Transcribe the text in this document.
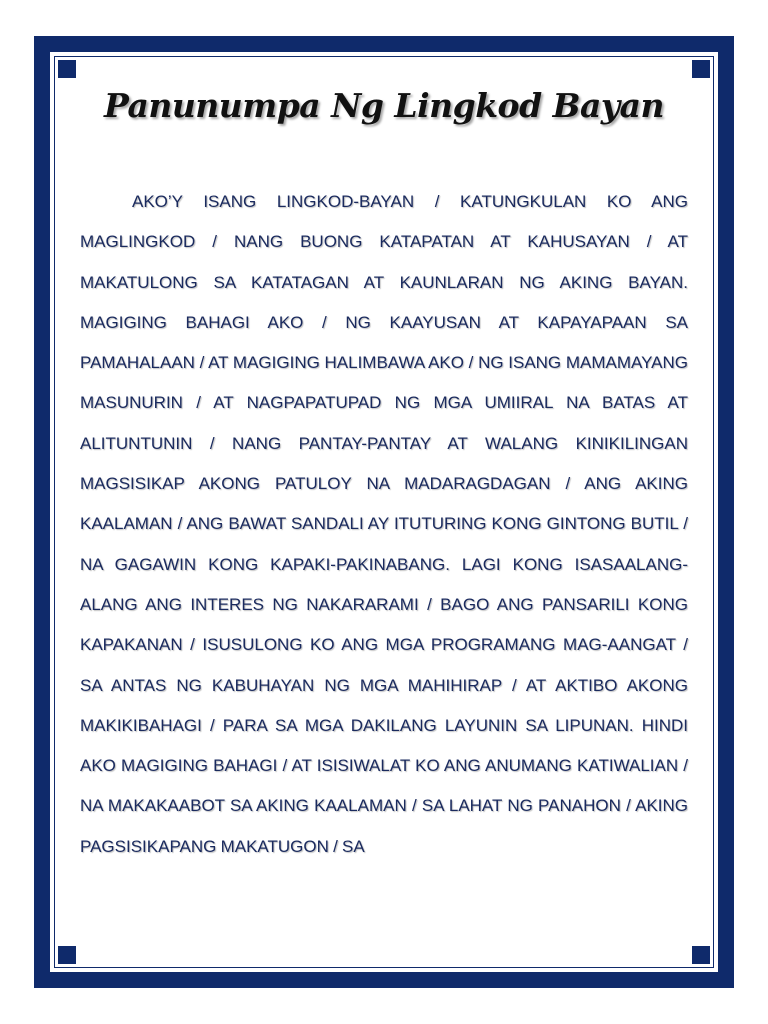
Panunumpa Ng Lingkod Bayan

AKO’Y ISANG LINGKOD-BAYAN / KATUNGKULAN KO ANG MAGLINGKOD / NANG BUONG KATAPATAN AT KAHUSAYAN / AT MAKATULONG SA KATATAGAN AT KAUNLARAN NG AKING BAYAN. MAGIGING BAHAGI AKO / NG KAAYUSAN AT KAPAYAPAAN SA PAMAHALAAN / AT MAGIGING HALIMBAWA AKO / NG ISANG MAMAMAYANG MASUNURIN / AT NAGPAPATUPAD NG MGA UMIIRAL NA BATAS AT ALITUNTUNIN / NANG PANTAY-PANTAY AT WALANG KINIKILINGAN MAGSISIKAP AKONG PATULOY NA MADARAGDAGAN / ANG AKING KAALAMAN / ANG BAWAT SANDALI AY ITUTURING KONG GINTONG BUTIL / NA GAGAWIN KONG KAPAKI-PAKINABANG. LAGI KONG ISASAALANG-ALANG ANG INTERES NG NAKARARAMI / BAGO ANG PANSARILI KONG KAPAKANAN / ISUSULONG KO ANG MGA PROGRAMANG MAG-AANGAT / SA ANTAS NG KABUHAYAN NG MGA MAHIHIRAP / AT AKTIBO AKONG MAKIKIBAHAGI / PARA SA MGA DAKILANG LAYUNIN SA LIPUNAN. HINDI AKO MAGIGING BAHAGI / AT ISISIWALAT KO ANG ANUMANG KATIWALIAN / NA MAKAKAABOT SA AKING KAALAMAN / SA LAHAT NG PANAHON / AKING PAGSISIKAPANG MAKATUGON / SA
